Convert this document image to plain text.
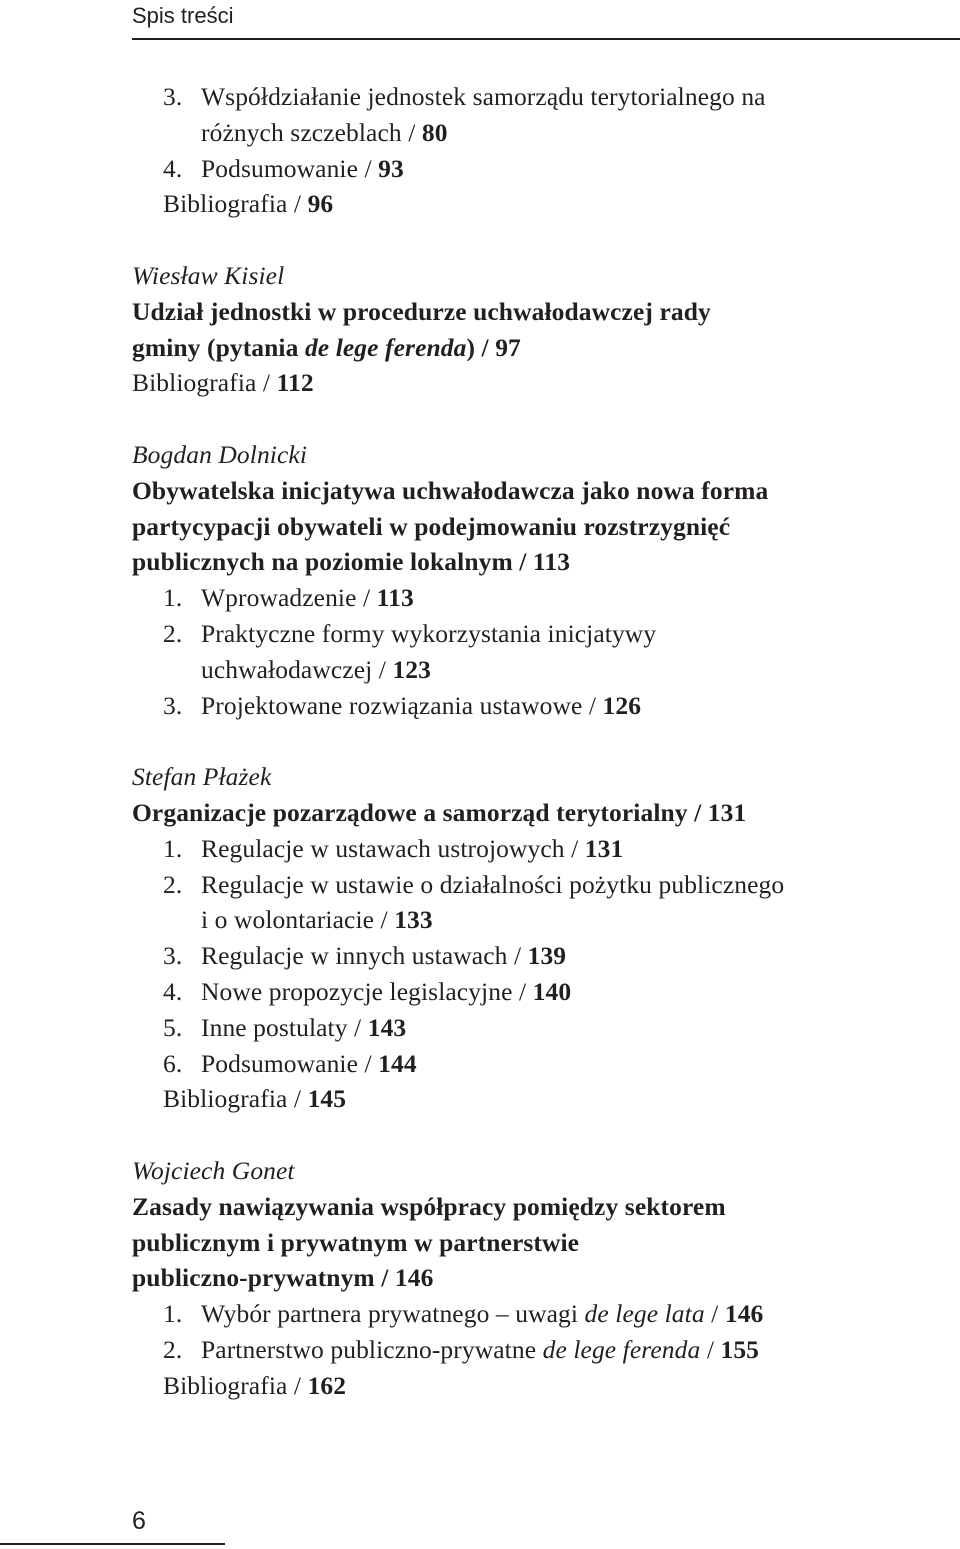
Spis treści
3. Współdziałanie jednostek samorządu terytorialnego na
różnych szczeblach / 80
4. Podsumowanie / 93
Bibliografia / 96
Wiesław Kisiel
Udział jednostki w procedurze uchwałodawczej rady
gminy (pytania de lege ferenda) / 97
Bibliografia / 112
Bogdan Dolnicki
Obywatelska inicjatywa uchwałodawcza jako nowa forma
partycypacji obywateli w podejmowaniu rozstrzygnięć
publicznych na poziomie lokalnym / 113
1. Wprowadzenie / 113
2. Praktyczne formy wykorzystania inicjatywy
uchwałodawczej / 123
3. Projektowane rozwiązania ustawowe / 126
Stefan Płażek
Organizacje pozarządowe a samorząd terytorialny / 131
1. Regulacje w ustawach ustrojowych / 131
2. Regulacje w ustawie o działalności pożytku publicznego
i o wolontariacie / 133
3. Regulacje w innych ustawach / 139
4. Nowe propozycje legislacyjne / 140
5. Inne postulaty / 143
6. Podsumowanie / 144
Bibliografia / 145
Wojciech Gonet
Zasady nawiązywania współpracy pomiędzy sektorem
publicznym i prywatnym w partnerstwie
publiczno-prywatnym / 146
1. Wybór partnera prywatnego – uwagi de lege lata / 146
2. Partnerstwo publiczno-prywatne de lege ferenda / 155
Bibliografia / 162
6
